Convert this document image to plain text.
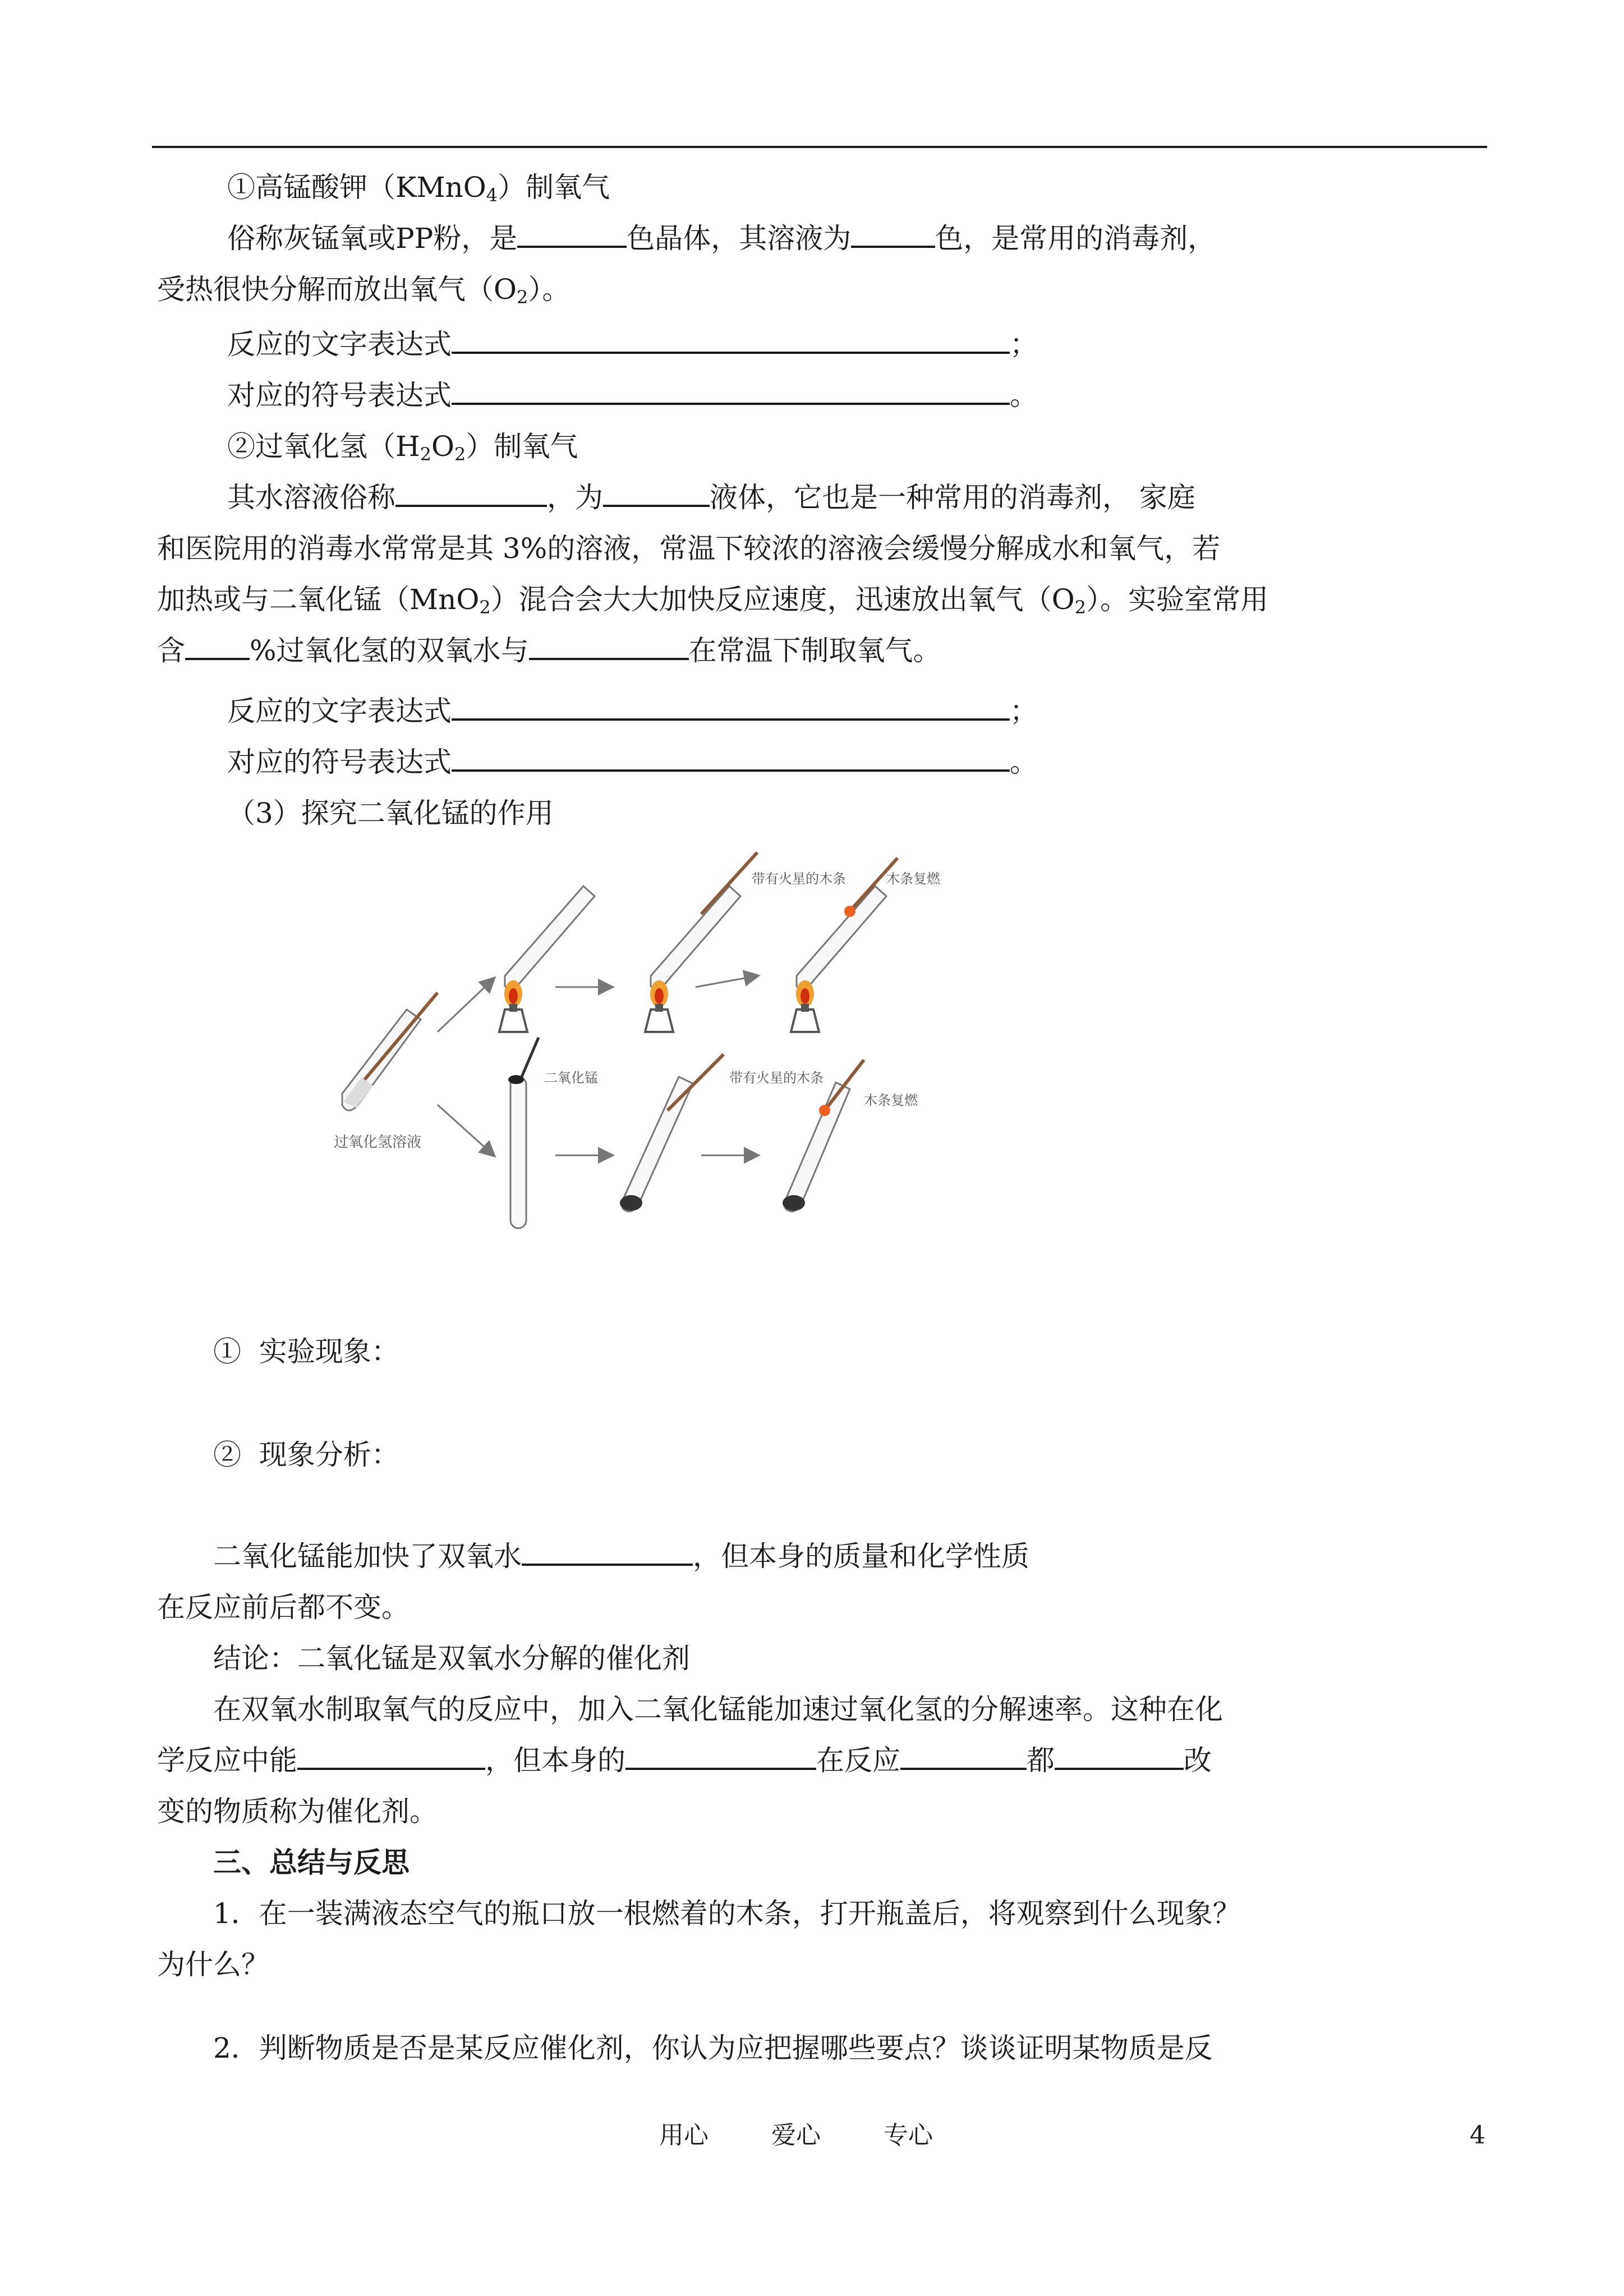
①高锰酸钾（KMnO$_4$）制氧气
俗称灰锰氧或PP粉，是	色晶体，其溶液为	色，是常用的消毒剂，
受热很快分解而放出氧气$(O_2)$。
反应的文字表达式	；
对应的符号表达式	。
②过氧化氢$(H_2O_2)$制氧气
其水溶液俗称	，为	液体，它也是一种常用的消毒剂， 家庭
和医院用的消毒水常常是其 3%的溶液，常温下较浓的溶液会缓慢分解成水和氧气，若
加热或与二氧化锰（MnO$_2$）混合会大大加快反应速度，迅速放出氧气$(O_2)$。实验室常用
含 %过氧化氢的双氧水与	在常温下制取氧气。
反应的文字表达式	；
对应的符号表达式	。
（3）探究二氧化锰的作用
过氧化氢溶液
带有火星的木条	木条复燃
二氧化锰	带有火星的木条
木条复燃
① 实验现象：
② 现象分析：
二氧化锰能加快了双氧水	，但本身的质量和化学性质
在反应前后都不变。
结论：二氧化锰是双氧水分解的催化剂
在双氧水制取氧气的反应中，加入二氧化锰能加速过氧化氢的分解速率。这种在化
学反应中能	，但本身的	在反应	都	改
变的物质称为催化剂。
三、总结与反思
1．在一装满液态空气的瓶口放一根燃着的木条，打开瓶盖后，将观察到什么现象？
为什么？
2．判断物质是否是某反应催化剂，你认为应把握哪些要点？谈谈证明某物质是反
用心	爱心	专心	4
